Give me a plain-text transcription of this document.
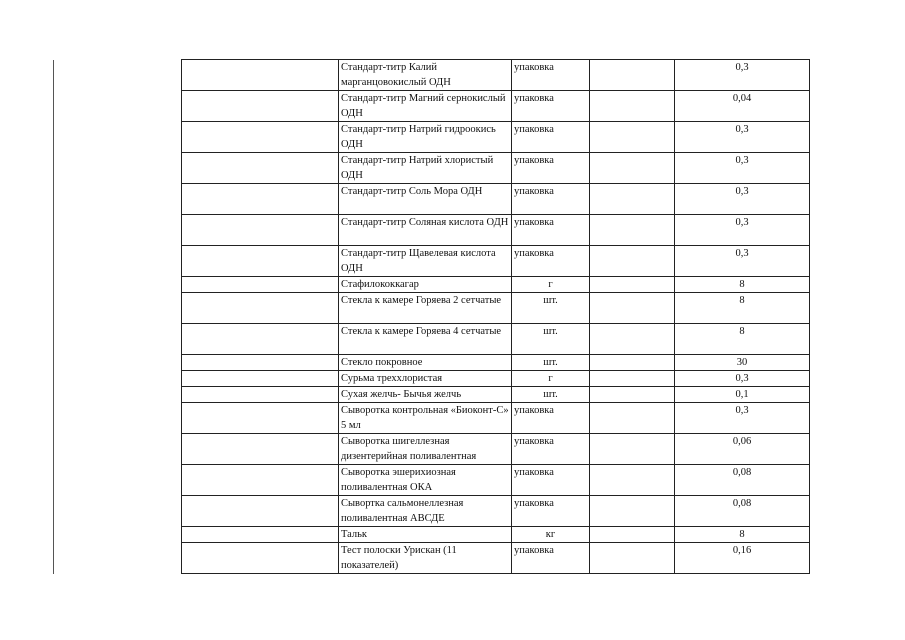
	Стандарт-титр Калий марганцовокислый ОДН	упаковка		0,3
	Стандарт-титр Магний сернокислый ОДН	упаковка		0,04
	Стандарт-титр Натрий гидроокись ОДН	упаковка		0,3
	Стандарт-титр Натрий хлористый ОДН	упаковка		0,3
	Стандарт-титр Соль Мора ОДН	упаковка		0,3
	Стандарт-титр Соляная кислота ОДН	упаковка		0,3
	Стандарт-титр Щавелевая кислота ОДН	упаковка		0,3
	Стафилококкагар	г		8
	Стекла к камере Горяева 2 сетчатые	шт.		8
	Стекла к камере Горяева 4 сетчатые	шт.		8
	Стекло покровное	шт.		30
	Сурьма треххлористая	г		0,3
	Сухая желчь- Бычья желчь	шт.		0,1
	Сыворотка контрольная «Биоконт-С» 5 мл	упаковка		0,3
	Сыворотка шигеллезная дизентерийная поливалентная	упаковка		0,06
	Сыворотка эшерихиозная поливалентная ОКА	упаковка		0,08
	Сывортка сальмонеллезная поливалентная АВСДЕ	упаковка		0,08
	Тальк	кг		8
	Тест полоски Урискан (11 показателей)	упаковка		0,16
